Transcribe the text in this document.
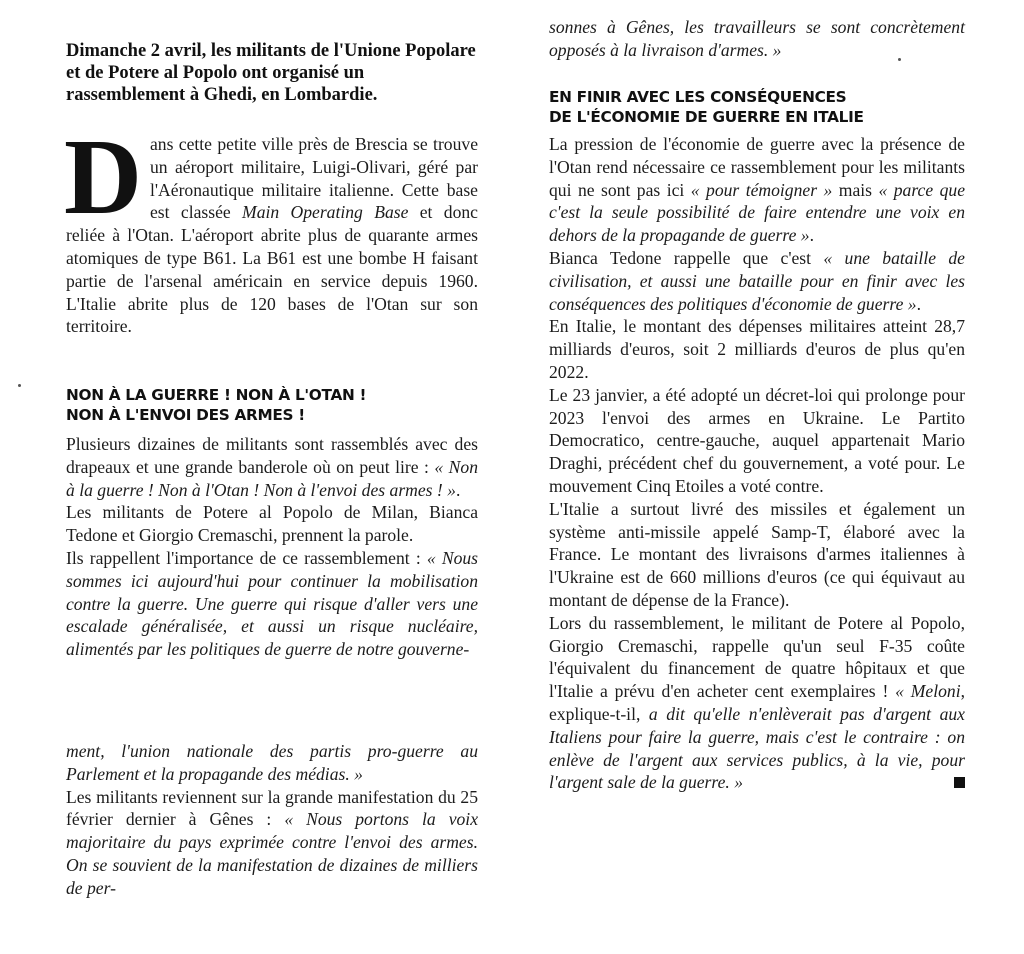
Dimanche 2 avril, les militants de l'Unione Popolare et de Potere al Popolo ont organisé un rassemblement à Ghedi, en Lombardie.

Dans cette petite ville près de Brescia se trouve un aéroport militaire, Luigi-Olivari, géré par l'Aéronautique militaire italienne. Cette base est classée Main Operating Base et donc reliée à l'Otan. L'aéroport abrite plus de quarante armes atomiques de type B61. La B61 est une bombe H faisant partie de l'arsenal américain en service depuis 1960. L'Italie abrite plus de 120 bases de l'Otan sur son territoire.
NON À LA GUERRE ! NON À L'OTAN !
NON À L'ENVOI DES ARMES !

Plusieurs dizaines de militants sont rassemblés avec des drapeaux et une grande banderole où on peut lire : « Non à la guerre ! Non à l'Otan ! Non à l'envoi des armes ! ».

Les militants de Potere al Popolo de Milan, Bianca Tedone et Giorgio Cremaschi, prennent la parole.

Ils rappellent l'importance de ce rassemblement : « Nous sommes ici aujourd'hui pour continuer la mobilisation contre la guerre. Une guerre qui risque d'aller vers une escalade généralisée, et aussi un risque nucléaire, alimentés par les politiques de guerre de notre gouverne-

ment, l'union nationale des partis pro-guerre au Parlement et la propagande des médias. »

Les militants reviennent sur la grande manifestation du 25 février dernier à Gênes : « Nous portons la voix majoritaire du pays exprimée contre l'envoi des armes. On se souvient de la manifestation de dizaines de milliers de per-

sonnes à Gênes, les travailleurs se sont concrètement opposés à la livraison d'armes. »
EN FINIR AVEC LES CONSÉQUENCES
DE L'ÉCONOMIE DE GUERRE EN ITALIE

La pression de l'économie de guerre avec la présence de l'Otan rend nécessaire ce rassemblement pour les militants qui ne sont pas ici « pour témoigner » mais « parce que c'est la seule possibilité de faire entendre une voix en dehors de la propagande de guerre ».

Bianca Tedone rappelle que c'est « une bataille de civilisation, et aussi une bataille pour en finir avec les conséquences des politiques d'économie de guerre ».

En Italie, le montant des dépenses militaires atteint 28,7 milliards d'euros, soit 2 milliards d'euros de plus qu'en 2022.

Le 23 janvier, a été adopté un décret-loi qui prolonge pour 2023 l'envoi des armes en Ukraine. Le Partito Democratico, centre-gauche, auquel appartenait Mario Draghi, précédent chef du gouvernement, a voté pour. Le mouvement Cinq Etoiles a voté contre.

L'Italie a surtout livré des missiles et également un système anti-missile appelé Samp-T, élaboré avec la France. Le montant des livraisons d'armes italiennes à l'Ukraine est de 660 millions d'euros (ce qui équivaut au montant de dépense de la France).

Lors du rassemblement, le militant de Potere al Popolo, Giorgio Cremaschi, rappelle qu'un seul F-35 coûte l'équivalent du financement de quatre hôpitaux et que l'Italie a prévu d'en acheter cent exemplaires ! « Meloni, explique-t-il, a dit qu'elle n'enlèverait pas d'argent aux Italiens pour faire la guerre, mais c'est le contraire : on enlève de l'argent aux services publics, à la vie, pour l'argent sale de la guerre. »
